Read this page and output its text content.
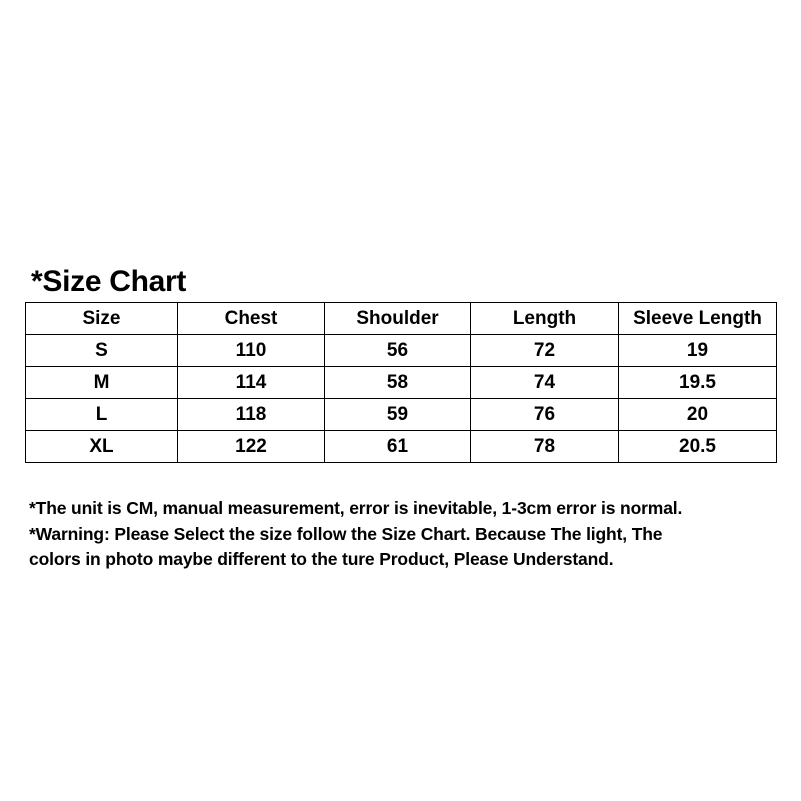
*Size Chart
Size	Chest	Shoulder	Length	Sleeve Length
S	110	56	72	19
M	114	58	74	19.5
L	118	59	76	20
XL	122	61	78	20.5

*The unit is CM, manual measurement, error is inevitable, 1-3cm error is normal.

*Warning: Please Select the size follow the Size Chart. Because The light, The

colors in photo maybe different to the ture Product, Please Understand.
